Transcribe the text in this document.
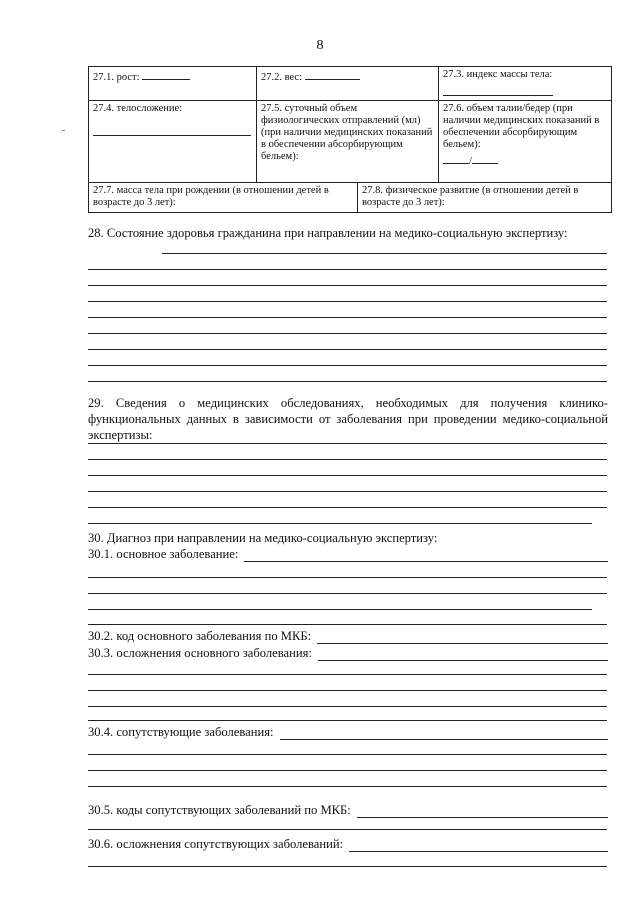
8
27.1. рост:	27.2. вес:		27.3. индекс массы тела:

27.4. телосложение:	27.5. суточный объем физиологических отправлений (мл) (при наличии медицинских показаний в обеспечении абсорбирующим бельем):		27.6. объем талии/бедер (при наличии медицинских показаний в обеспечении абсорбирующим бельем):
/

27.7. масса тела при рождении (в отношении детей в возрасте до 3 лет):		27.8. физическое развитие (в отношении детей в возрасте до 3 лет):	
28. Состояние здоровья гражданина при направлении на медико-социальную экспертизу:
29. Сведения о медицинских обследованиях, необходимых для получения клинико-функциональных данных в зависимости от заболевания при проведении медико-социальной экспертизы:
30. Диагноз при направлении на медико-социальную экспертизу:
30.1. основное заболевание:
30.2. код основного заболевания по МКБ:
30.3. осложнения основного заболевания:
30.4. сопутствующие заболевания:
30.5. коды сопутствующих заболеваний по МКБ:
30.6. осложнения сопутствующих заболеваний:
